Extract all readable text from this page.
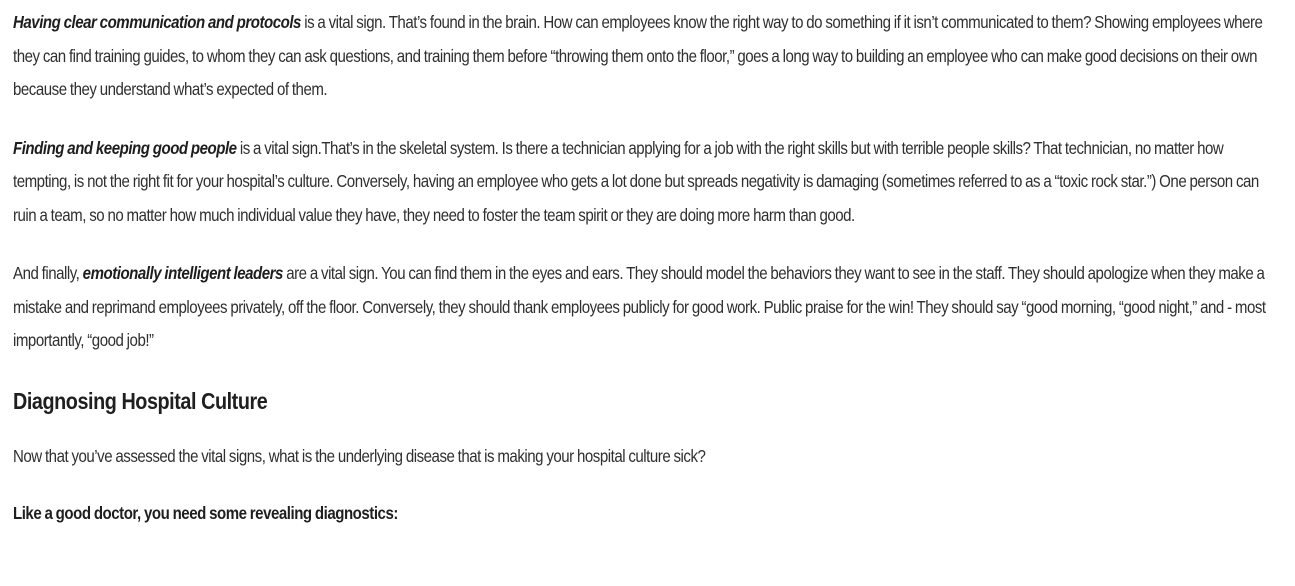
Having clear communication and protocols is a vital sign. That’s found in the brain. How can employees know the right way to do something if it isn’t communicated to them? Showing employees where they can find training guides, to whom they can ask questions, and training them before “throwing them onto the floor,” goes a long way to building an employee who can make good decisions on their own because they understand what’s expected of them.

Finding and keeping good people is a vital sign.That’s in the skeletal system. Is there a technician applying for a job with the right skills but with terrible people skills? That technician, no matter how tempting, is not the right fit for your hospital’s culture. Conversely, having an employee who gets a lot done but spreads negativity is damaging (sometimes referred to as a “toxic rock star.”) One person can ruin a team, so no matter how much individual value they have, they need to foster the team spirit or they are doing more harm than good.

And finally, emotionally intelligent leaders are a vital sign. You can find them in the eyes and ears. They should model the behaviors they want to see in the staff. They should apologize when they make a mistake and reprimand employees privately, off the floor. Conversely, they should thank employees publicly for good work. Public praise for the win! They should say “good morning, “good night,” and - most importantly, “good job!”

Diagnosing Hospital Culture

Now that you’ve assessed the vital signs, what is the underlying disease that is making your hospital culture sick?

Like a good doctor, you need some revealing diagnostics:
